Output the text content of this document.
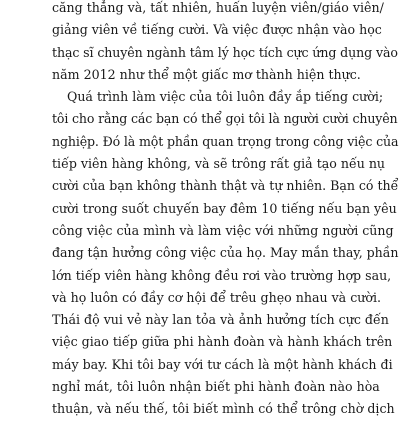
căng thẳng và, tất nhiên, huấn luyện viên/giáo viên/
giảng viên về tiếng cười. Và việc được nhận vào học
thạc sĩ chuyên ngành tâm lý học tích cực ứng dụng vào
năm 2012 như thể một giấc mơ thành hiện thực.
Quá trình làm việc của tôi luôn đầy ắp tiếng cười;
tôi cho rằng các bạn có thể gọi tôi là người cười chuyên
nghiệp. Đó là một phần quan trọng trong công việc của
tiếp viên hàng không, và sẽ trông rất giả tạo nếu nụ
cười của bạn không thành thật và tự nhiên. Bạn có thể
cười trong suốt chuyến bay đêm 10 tiếng nếu bạn yêu
công việc của mình và làm việc với những người cũng
đang tận hưởng công việc của họ. May mắn thay, phần
lớn tiếp viên hàng không đều rơi vào trường hợp sau,
và họ luôn có đầy cơ hội để trêu ghẹo nhau và cười.
Thái độ vui vẻ này lan tỏa và ảnh hưởng tích cực đến
việc giao tiếp giữa phi hành đoàn và hành khách trên
máy bay. Khi tôi bay với tư cách là một hành khách đi
nghỉ mát, tôi luôn nhận biết phi hành đoàn nào hòa
thuận, và nếu thế, tôi biết mình có thể trông chờ dịch
